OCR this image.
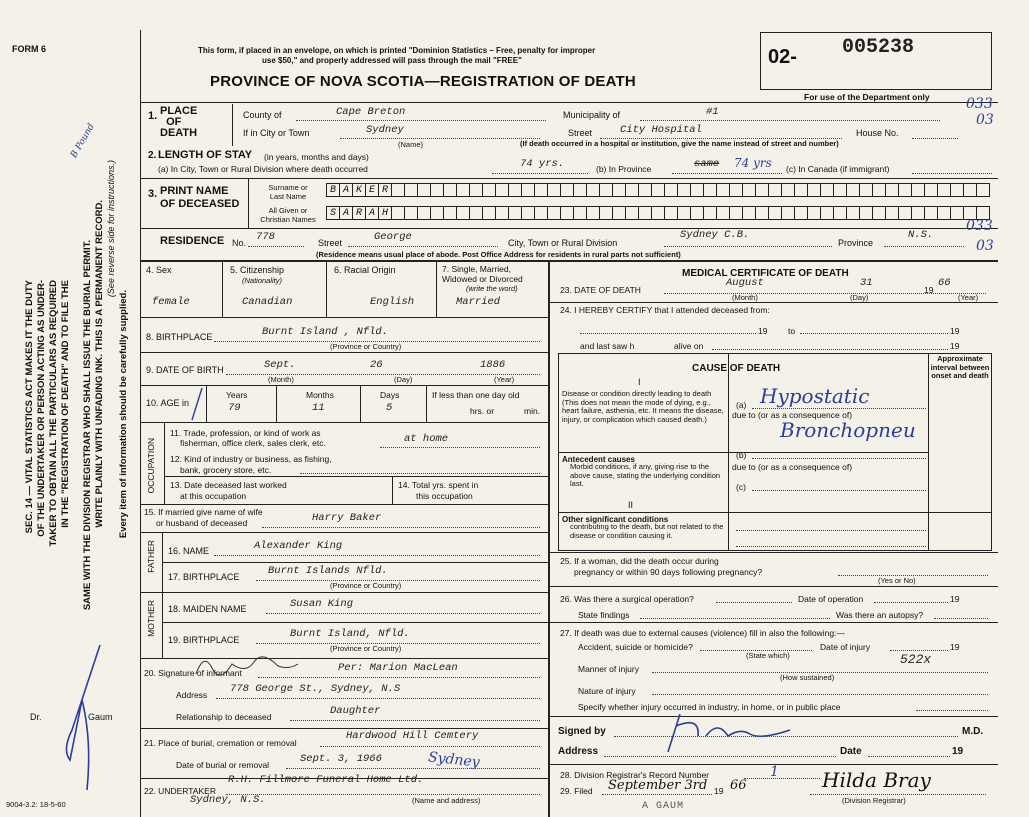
FORM 6
SEC. 14 — VITAL STATISTICS ACT MAKES IT THE DUTY OF THE UNDERTAKER OR PERSON ACTING AS UNDER- TAKER TO OBTAIN ALL THE PARTICULARS AS REQUIRED IN THE "REGISTRATION OF DEATH" AND TO FILE THE SAME WITH THE DIVISION REGISTRAR WHO SHALL ISSUE THE BURIAL PERMIT. WRITE PLAINLY WITH UNFADING INK. THIS IS A PERMANENT RECORD. (See reverse side for instructions.)
Every item of information should be carefully supplied.
B Pound
Dr.	Gaum
9004-3.2: 18-5-60
This form, if placed in an envelope, on which is printed "Dominion Statistics – Free, penalty for improper
use $50," and properly addressed will pass through the mail "FREE"
PROVINCE OF NOVA SCOTIA—REGISTRATION OF DEATH
02- 005238
For use of the Department only
1. PLACE
OF
DEATH
County of	Cape Breton	Municipality of	#1	033
03
If in City or Town	Sydney
(Name)
Street	City Hospital	House No.
(If death occurred in a hospital or institution, give the name instead of street and number)
2. LENGTH OF STAY (in years, months and days)
(a) In City, Town or Rural Division where death occurred	74 yrs.	(b) In Province	same 74 yrs (c) In Canada (if immigrant)
3. PRINT NAME
OF DECEASED
Surname or
Last Name
All Given or
Christian Names
B A K E R
S A R A H
RESIDENCE No. 778	Street	George	City, Town or Rural Division
Sydney C.B.
Province
N.S.
033
03
(Residence means usual place of abode. Post Office Address for residents in rural parts not sufficient)
4. Sex
female
5. Citizenship
(Nationality)
Canadian
6. Racial Origin
English
7. Single, Married, Widowed or Divorced
(write the word)
Married
8. BIRTHPLACE	Burnt Island , Nfld.
(Province or Country)
9. DATE OF BIRTH	Sept.	26	1886
(Month)	(Day)	(Year)
10. AGE in
Years	Months	Days
79	11	5
If less than one day old
hrs. or	min.
OCCUPATION
11. Trade, profession, or kind of work as
fisherman, office clerk, sales clerk, etc.	at home
12. Kind of industry or business, as fishing,
bank, grocery store, etc.
13. Date deceased last worked
at this occupation
14. Total yrs. spent in
this occupation
15. If married give name of wife
or husband of deceased	Harry Baker
FATHER 16. NAME	Alexander King
17. BIRTHPLACE	Burnt Islands Nfld.
(Province or Country)
MOTHER 18. MAIDEN NAME	Susan King
19. BIRTHPLACE	Burnt Island, Nfld.
(Province or Country)
20. Signature of informant	Per: Marion MacLean
Address 778 George St., Sydney, N.S
Relationship to deceased	Daughter
21. Place of burial, cremation or removal
Hardwood Hill Cemtery
Date of burial or removal	Sept. 3, 1966	Sydney
22. UNDERTAKER
R.H. Fillmore Funeral Home Ltd.
Sydney, N.S.	(Name and address)
MEDICAL CERTIFICATE OF DEATH
23. DATE OF DEATH
August	31
19
66
(Month)	(Day)	(Year)
24. I HEREBY CERTIFY that I attended deceased from:
19 to	19
and last saw h	alive on	19
CAUSE OF DEATH
Approximate interval between onset and death
I
Disease or condition directly leading to death (This does not mean the mode of dying, e.g., heart failure, asthenia, etc. It means the disease, injury, or complication which caused death.)
(a) Hypostatic
due to (or as a consequence of)
Bronchopneu
(b)
due to (or as a consequence of)
(c)
Antecedent causes
Morbid conditions, if any, giving rise to the above cause, stating the underlying condition last.
II
Other significant conditions
contributing to the death, but not related to the disease or condition causing it.
25. If a woman, did the death occur during
pregnancy or within 90 days following pregnancy?
(Yes or No)
26. Was there a surgical operation?	Date of operation	19
State findings	Was there an autopsy?
27. If death was due to external causes (violence) fill in also the following:—
Accident, suicide or homicide?
(State which)
Date of injury	19
Manner of injury
522x
(How sustained)
Nature of injury
Specify whether injury occurred in industry, in home, or in public place
Signed by	M.D.
Address	Date	19
28. Division Registrar's Record Number	1
29. Filed September 3rd 19 66	Hilda Bray
(Division Registrar)
A GAUM
